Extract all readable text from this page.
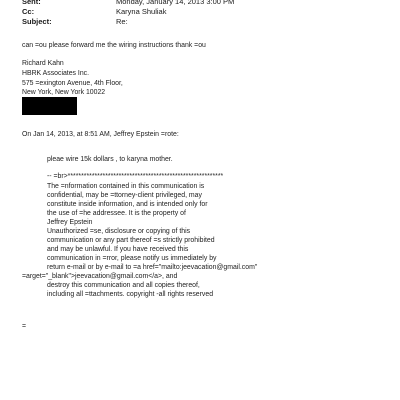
Sent:	Monday, January 14, 2013 3:00 PM
Cc:	Karyna Shuliak
Subject:	Re:
can =ou please forward me the wiring instructions thank =ou
Richard Kahn
HBRK Associates Inc.
575 =exington Avenue, 4th Floor,
New York, New York 10022
On Jan 14, 2013, at 8:51 AM, Jeffrey Epstein =rote:
pleae wire 15k dollars , to karyna mother.
-- =br>**********************************************************
The =nformation contained in this communication is
confidential, may be =ttorney-client privileged, may
constitute inside information, and is intended only for
the use of =he addressee. It is the property of
Jeffrey Epstein
Unauthorized =se, disclosure or copying of this
communication or any part thereof =s strictly prohibited
and may be unlawful. If you have received this
communication in =rror, please notify us immediately by
return e-mail or by e-mail to =a href="mailto:jeevacation@gmail.com"
=arget="_blank">jeevacation@gmail.com</a>, and
destroy this communication and all copies thereof,
including all =ttachments. copyright -all rights reserved
=
